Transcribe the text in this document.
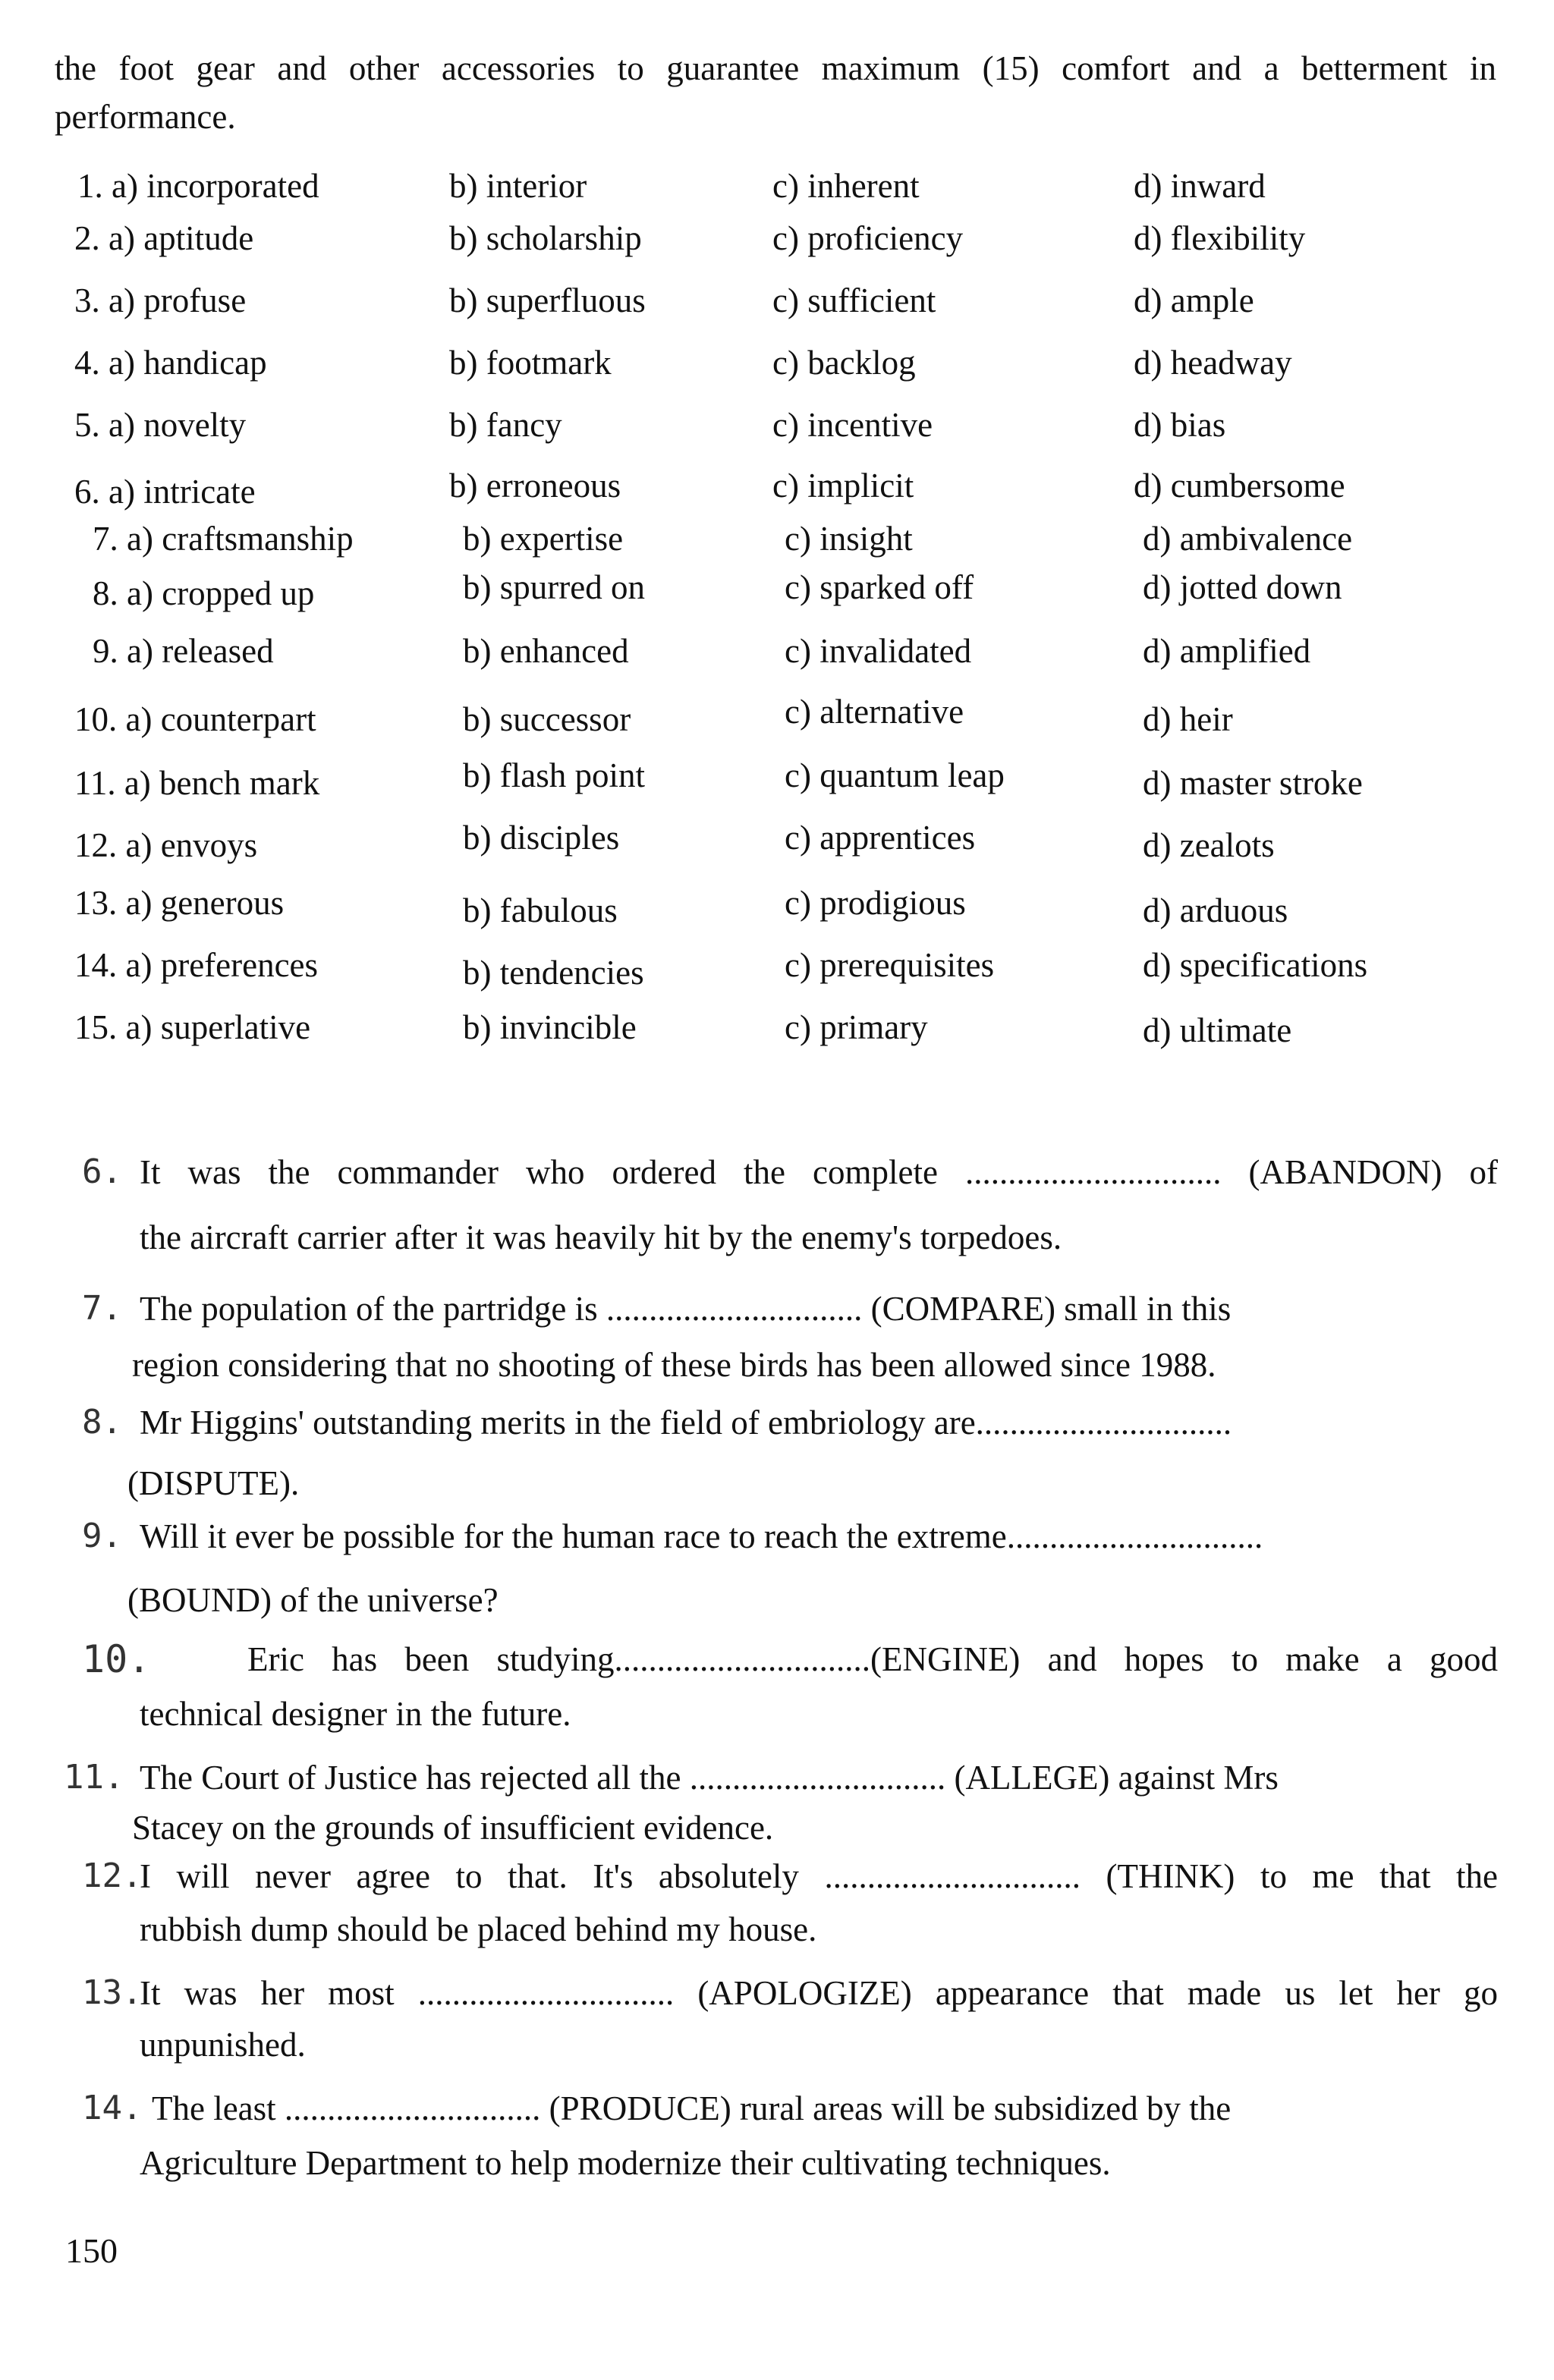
the foot gear and other accessories to guarantee maximum (15) comfort and a betterment in
performance.
1. a) incorporated	b) interior	c) inherent	d) inward
2. a) aptitude	b) scholarship	c) proficiency	d) flexibility
3. a) profuse	b) superfluous	c) sufficient	d) ample
4. a) handicap	b) footmark	c) backlog	d) headway
5. a) novelty	b) fancy	c) incentive	d) bias
6. a) intricate	b) erroneous	c) implicit	d) cumbersome
7. a) craftsmanship	b) expertise	c) insight	d) ambivalence
8. a) cropped up	b) spurred on	c) sparked off	d) jotted down
9. a) released	b) enhanced	c) invalidated	d) amplified
10. a) counterpart	b) successor	c) alternative	d) heir
11. a) bench mark	b) flash point	c) quantum leap	d) master stroke
12. a) envoys	b) disciples	c) apprentices	d) zealots
13. a) generous	b) fabulous	c) prodigious	d) arduous
14. a) preferences	b) tendencies	c) prerequisites	d) specifications
15. a) superlative	b) invincible	c) primary	d) ultimate
6. It was the commander who ordered the complete .............................. (ABANDON) of
the aircraft carrier after it was heavily hit by the enemy's torpedoes.
7. The population of the partridge is .............................. (COMPARE) small in this
region considering that no shooting of these birds has been allowed since 1988.
8. Mr Higgins' outstanding merits in the field of embriology are..............................
(DISPUTE).
9. Will it ever be possible for the human race to reach the extreme..............................
(BOUND) of the universe?
10.	Eric has been studying..............................(ENGINE) and hopes to make a good
technical designer in the future.
11. The Court of Justice has rejected all the .............................. (ALLEGE) against Mrs
Stacey on the grounds of insufficient evidence.
12.
I will never agree to that. It's absolutely .............................. (THINK) to me that the
rubbish dump should be placed behind my house.
13.
It was her most .............................. (APOLOGIZE) appearance that made us let her go
unpunished.
14. The least .............................. (PRODUCE) rural areas will be subsidized by the
Agriculture Department to help modernize their cultivating techniques.
150
